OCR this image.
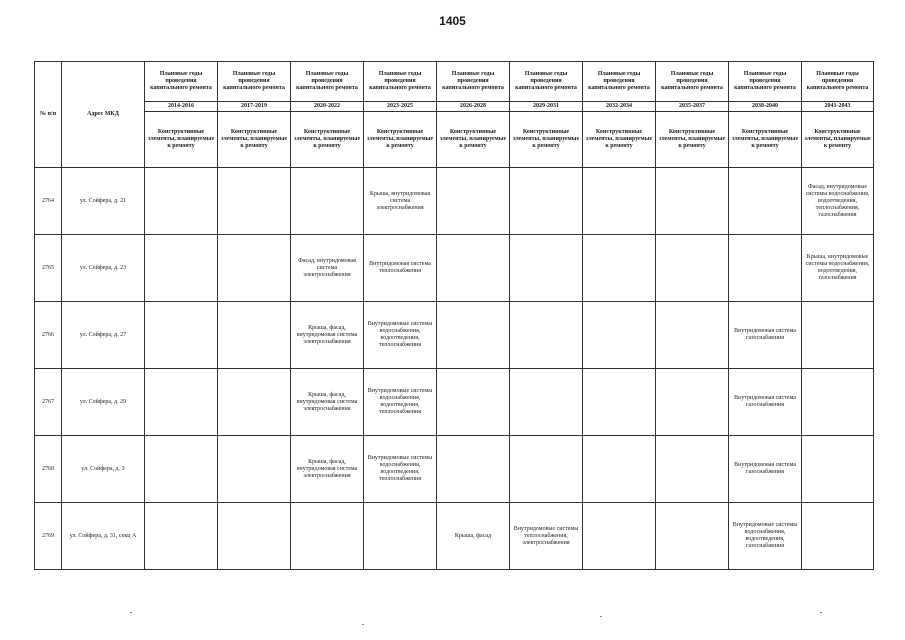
1405
№ п/п	Адрес МКД	Плановые годы проведения капитального ремонта	Плановые годы проведения капитального ремонта	Плановые годы проведения капитального ремонта	Плановые годы проведения капитального ремонта	Плановые годы проведения капитального ремонта	Плановые годы проведения капитального ремонта	Плановые годы проведения капитального ремонта	Плановые годы проведения капитального ремонта	Плановые годы проведения капитального ремонта	Плановые годы проведения капитального ремонта
		2014-2016	2017-2019	2020-2022	2023-2025	2026-2028	2029-2031	2032-2034	2035-2037	2038-2040	2041-2043
		Конструктивные элементы, планируемые к ремонту	Конструктивные элементы, планируемые к ремонту	Конструктивные элементы, планируемые к ремонту	Конструктивные элементы, планируемые к ремонту	Конструктивные элементы, планируемые к ремонту	Конструктивные элементы, планируемые к ремонту	Конструктивные элементы, планируемые к ремонту	Конструктивные элементы, планируемые к ремонту	Конструктивные элементы, планируемые к ремонту	Конструктивные элементы, планируемые к ремонту
2764	ул. Сойфера, д. 21				Крыша, внутридомовая система электроснабжения						Фасад, внутридомовые системы водоснабжения, водоотведения, теплоснабжения, газоснабжения
2765	ул. Сойфера, д. 23			Фасад, внутридомовая система электроснабжения	Внутридомовая система теплоснабжения						Крыша, внутридомовые системы водоснабжения, водоотведения, газоснабжения
2766	ул. Сойфера, д. 27			Крыша, фасад, внутридомовая система электроснабжения	Внутридомовые системы водоснабжения, водоотведения, теплоснабжения					Внутридомовая система газоснабжения	
2767	ул. Сойфера, д. 29			Крыша, фасад, внутридомовая система электроснабжения	Внутридомовые системы водоснабжения, водоотведения, теплоснабжения					Внутридомовая система газоснабжения	
2768	ул. Сойфера, д. 3			Крыша, фасад, внутридомовая система электроснабжения	Внутридомовые системы водоснабжения, водоотведения, теплоснабжения					Внутридомовая система газоснабжения	
2769	ул. Сойфера, д. 31, секц А					Крыша, фасад	Внутридомовые системы теплоснабжения, электроснабжения			Внутридомовые системы водоснабжения, водоотведения, газоснабжения	
